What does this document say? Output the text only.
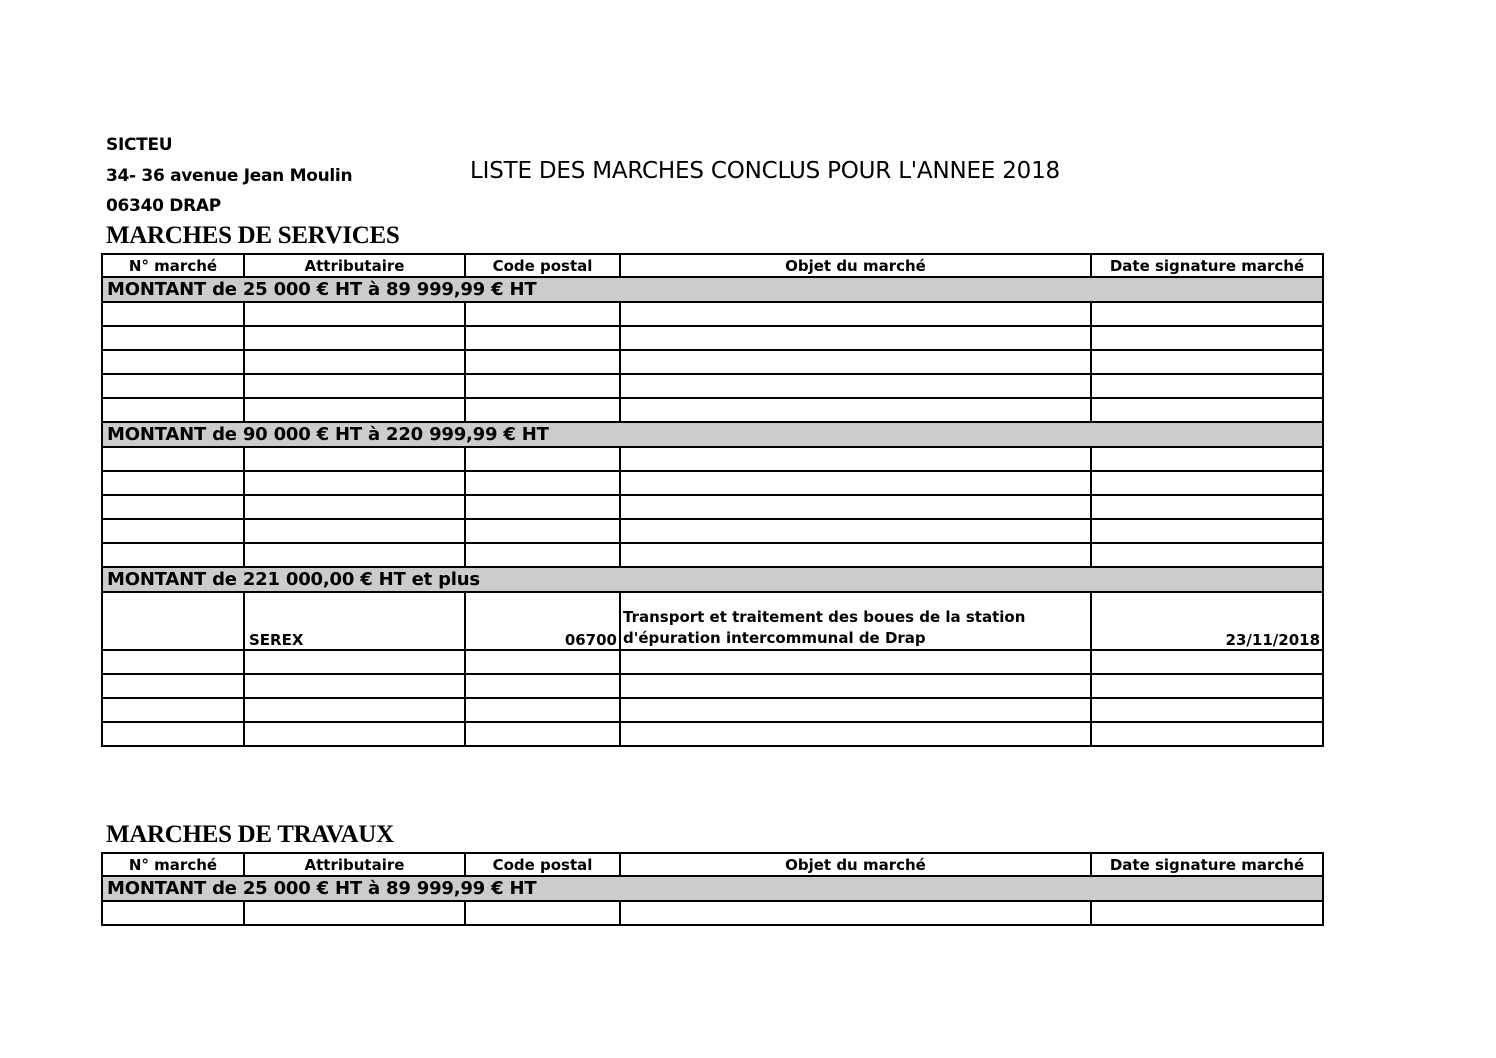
SICTEU
34- 36 avenue Jean Moulin
06340 DRAP
LISTE DES MARCHES CONCLUS POUR L'ANNEE 2018
MARCHES DE SERVICES
N° marché	Attributaire	Code postal	Objet du marché	Date signature marché
MONTANT de 25 000 € HT à 89 999,99 € HT				

MONTANT de 90 000 € HT à 220 999,99 € HT				

MONTANT de 221 000,00 € HT et plus				
	SEREX	06700	Transport et traitement des boues de la station d'épuration intercommunal de Drap	23/11/2018

MARCHES DE TRAVAUX
N° marché	Attributaire	Code postal	Objet du marché	Date signature marché
MONTANT de 25 000 € HT à 89 999,99 € HT				
